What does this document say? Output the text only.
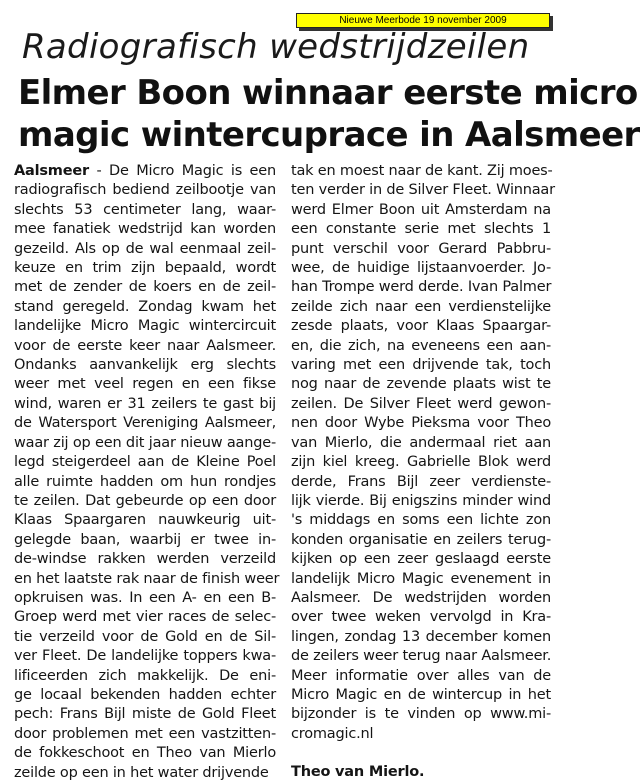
Nieuwe Meerbode 19 november 2009
Radiografisch wedstrijdzeilen
Elmer Boon winnaar eerste micro
magic wintercuprace in Aalsmeer
Aalsmeer - De Micro Magic is een
radiografisch bediend zeilbootje van
slechts 53 centimeter lang, waar-
mee fanatiek wedstrijd kan worden
gezeild. Als op de wal eenmaal zeil-
keuze en trim zijn bepaald, wordt
met de zender de koers en de zeil-
stand geregeld. Zondag kwam het
landelijke Micro Magic wintercircuit
voor de eerste keer naar Aalsmeer.
Ondanks aanvankelijk erg slechts
weer met veel regen en een fikse
wind, waren er 31 zeilers te gast bij
de Watersport Vereniging Aalsmeer,
waar zij op een dit jaar nieuw aange-
legd steigerdeel aan de Kleine Poel
alle ruimte hadden om hun rondjes
te zeilen. Dat gebeurde op een door
Klaas Spaargaren nauwkeurig uit-
gelegde baan, waarbij er twee in-
de-windse rakken werden verzeild
en het laatste rak naar de finish weer
opkruisen was. In een A- en een B-
Groep werd met vier races de selec-
tie verzeild voor de Gold en de Sil-
ver Fleet. De landelijke toppers kwa-
lificeerden zich makkelijk. De eni-
ge locaal bekenden hadden echter
pech: Frans Bijl miste de Gold Fleet
door problemen met een vastzitten-
de fokkeschoot en Theo van Mierlo
zeilde op een in het water drijvende
tak en moest naar de kant. Zij moes-
ten verder in de Silver Fleet. Winnaar
werd Elmer Boon uit Amsterdam na
een constante serie met slechts 1
punt verschil voor Gerard Pabbru-
wee, de huidige lijstaanvoerder. Jo-
han Trompe werd derde. Ivan Palmer
zeilde zich naar een verdienstelijke
zesde plaats, voor Klaas Spaargar-
en, die zich, na eveneens een aan-
varing met een drijvende tak, toch
nog naar de zevende plaats wist te
zeilen. De Silver Fleet werd gewon-
nen door Wybe Pieksma voor Theo
van Mierlo, die andermaal riet aan
zijn kiel kreeg. Gabrielle Blok werd
derde, Frans Bijl zeer verdienste-
lijk vierde. Bij enigszins minder wind
's middags en soms een lichte zon
konden organisatie en zeilers terug-
kijken op een zeer geslaagd eerste
landelijk Micro Magic evenement in
Aalsmeer. De wedstrijden worden
over twee weken vervolgd in Kra-
lingen, zondag 13 december komen
de zeilers weer terug naar Aalsmeer.
Meer informatie over alles van de
Micro Magic en de wintercup in het
bijzonder is te vinden op www.mi-
cromagic.nl
Theo van Mierlo.
